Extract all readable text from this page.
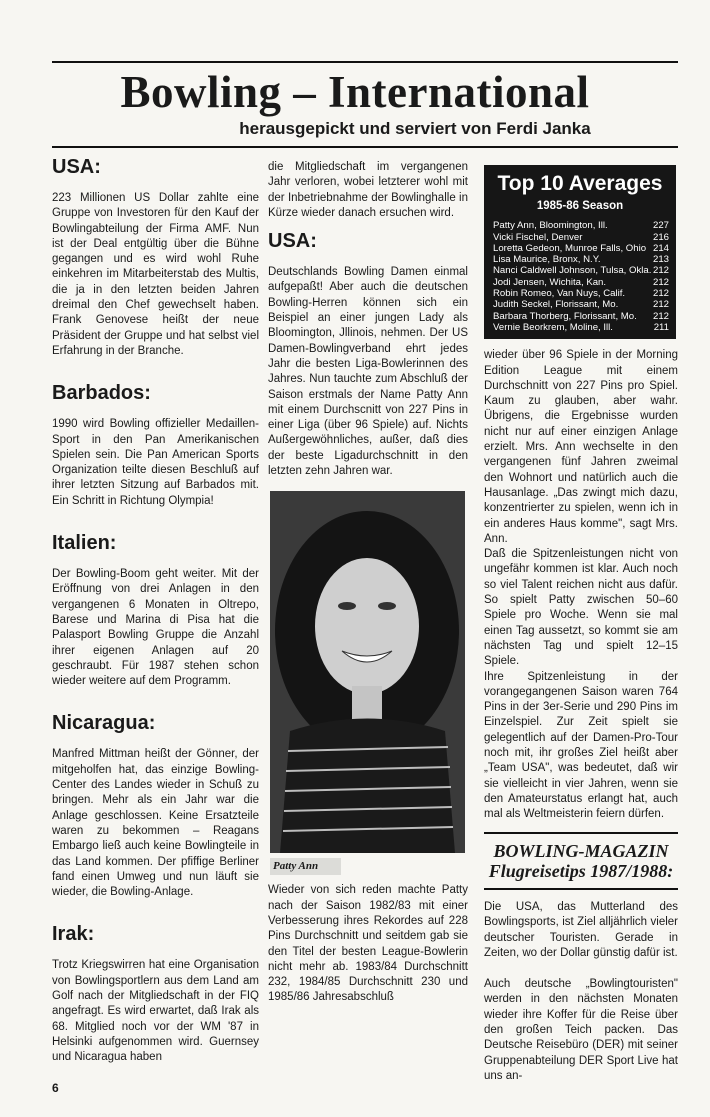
Bowling – International
herausgepickt und serviert von Ferdi Janka
USA:

223 Millionen US Dollar zahlte eine Gruppe von Investoren für den Kauf der Bowlingabteilung der Firma AMF. Nun ist der Deal entgültig über die Bühne gegangen und es wird wohl Ruhe einkehren im Mitarbeiterstab des Multis, die ja in den letzten beiden Jahren dreimal den Chef gewechselt haben. Frank Genovese heißt der neue Präsident der Gruppe und hat selbst viel Erfahrung in der Branche.

Barbados:

1990 wird Bowling offizieller Medaillen-Sport in den Pan Amerikanischen Spielen sein. Die Pan American Sports Organization teilte diesen Beschluß auf ihrer letzten Sitzung auf Barbados mit. Ein Schritt in Richtung Olympia!

Italien:

Der Bowling-Boom geht weiter. Mit der Eröffnung von drei Anlagen in den vergangenen 6 Monaten in Oltrepo, Barese und Marina di Pisa hat die Palasport Bowling Gruppe die Anzahl ihrer eigenen Anlagen auf 20 geschraubt. Für 1987 stehen schon wieder weitere auf dem Programm.

Nicaragua:

Manfred Mittman heißt der Gönner, der mitgeholfen hat, das einzige Bowling-Center des Landes wieder in Schuß zu bringen. Mehr als ein Jahr war die Anlage geschlossen. Keine Ersatzteile waren zu bekommen – Reagans Embargo ließ auch keine Bowlingteile in das Land kommen. Der pfiffige Berliner fand einen Umweg und nun läuft sie wieder, die Bowling-Anlage.

Irak:

Trotz Kriegswirren hat eine Organisation von Bowlingsportlern aus dem Land am Golf nach der Mitgliedschaft in der FIQ angefragt. Es wird erwartet, daß Irak als 68. Mitglied noch vor der WM '87 in Helsinki aufgenommen wird. Guernsey und Nicaragua haben

6

die Mitgliedschaft im vergangenen Jahr verloren, wobei letzterer wohl mit der Inbetriebnahme der Bowlinghalle in Kürze wieder danach ersuchen wird.

USA:

Deutschlands Bowling Damen einmal aufgepaßt! Aber auch die deutschen Bowling-Herren können sich ein Beispiel an einer jungen Lady als Bloomington, Jllinois, nehmen. Der US Damen-Bowlingverband ehrt jedes Jahr die besten Liga-Bowlerinnen des Jahres. Nun tauchte zum Abschluß der Saison erstmals der Name Patty Ann mit einem Durchscnitt von 227 Pins in einer Liga (über 96 Spiele) auf. Nichts Außergewöhnliches, außer, daß dies der beste Ligadurchschnitt in den letzten zehn Jahren war.

Patty Ann

Wieder von sich reden machte Patty nach der Saison 1982/83 mit einer Verbesserung ihres Rekordes auf 228 Pins Durchschnitt und seitdem gab sie den Titel der besten League-Bowlerin nicht mehr ab. 1983/84 Durchschnitt 232, 1984/85 Durchschnitt 230 und 1985/86 Jahresabschluß

Top 10 Averages
1985-86 Season
Patty Ann, Bloomington, Ill.	227
Vicki Fischel, Denver	216
Loretta Gedeon, Munroe Falls, Ohio 214
Lisa Maurice, Bronx, N.Y.	213
Nanci Caldwell Johnson, Tulsa, Okla. 212
Jodi Jensen, Wichita, Kan.	212
Robin Romeo, Van Nuys, Calif.	212
Judith Seckel, Florissant, Mo.	212
Barbara Thorberg, Florissant, Mo. 212
Vernie Beorkrem, Moline, Ill.	211

wieder über 96 Spiele in der Morning Edition League mit einem Durchschnitt von 227 Pins pro Spiel. Kaum zu glauben, aber wahr. Übrigens, die Ergebnisse wurden nicht nur auf einer einzigen Anlage erzielt. Mrs. Ann wechselte in den vergangenen fünf Jahren zweimal den Wohnort und natürlich auch die Hausanlage. „Das zwingt mich dazu, konzentrierter zu spielen, wenn ich in ein anderes Haus komme", sagt Mrs. Ann.

Daß die Spitzenleistungen nicht von ungefähr kommen ist klar. Auch noch so viel Talent reichen nicht aus dafür. So spielt Patty zwischen 50–60 Spiele pro Woche. Wenn sie mal einen Tag aussetzt, so kommt sie am nächsten Tag und spielt 12–15 Spiele.

Ihre Spitzenleistung in der vorangegangenen Saison waren 764 Pins in der 3er-Serie und 290 Pins im Einzelspiel. Zur Zeit spielt sie gelegentlich auf der Damen-Pro-Tour noch mit, ihr großes Ziel heißt aber „Team USA", was bedeutet, daß wir sie vielleicht in vier Jahren, wenn sie den Amateurstatus erlangt hat, auch mal als Weltmeisterin feiern dürfen.

BOWLING-MAGAZIN
Flugreisetips 1987/1988:

Die USA, das Mutterland des Bowlingsports, ist Ziel alljährlich vieler deutscher Touristen. Gerade in Zeiten, wo der Dollar günstig dafür ist.

Auch deutsche „Bowlingtouristen" werden in den nächsten Monaten wieder ihre Koffer für die Reise über den großen Teich packen. Das Deutsche Reisebüro (DER) mit seiner Gruppenabteilung DER Sport Live hat uns an-
